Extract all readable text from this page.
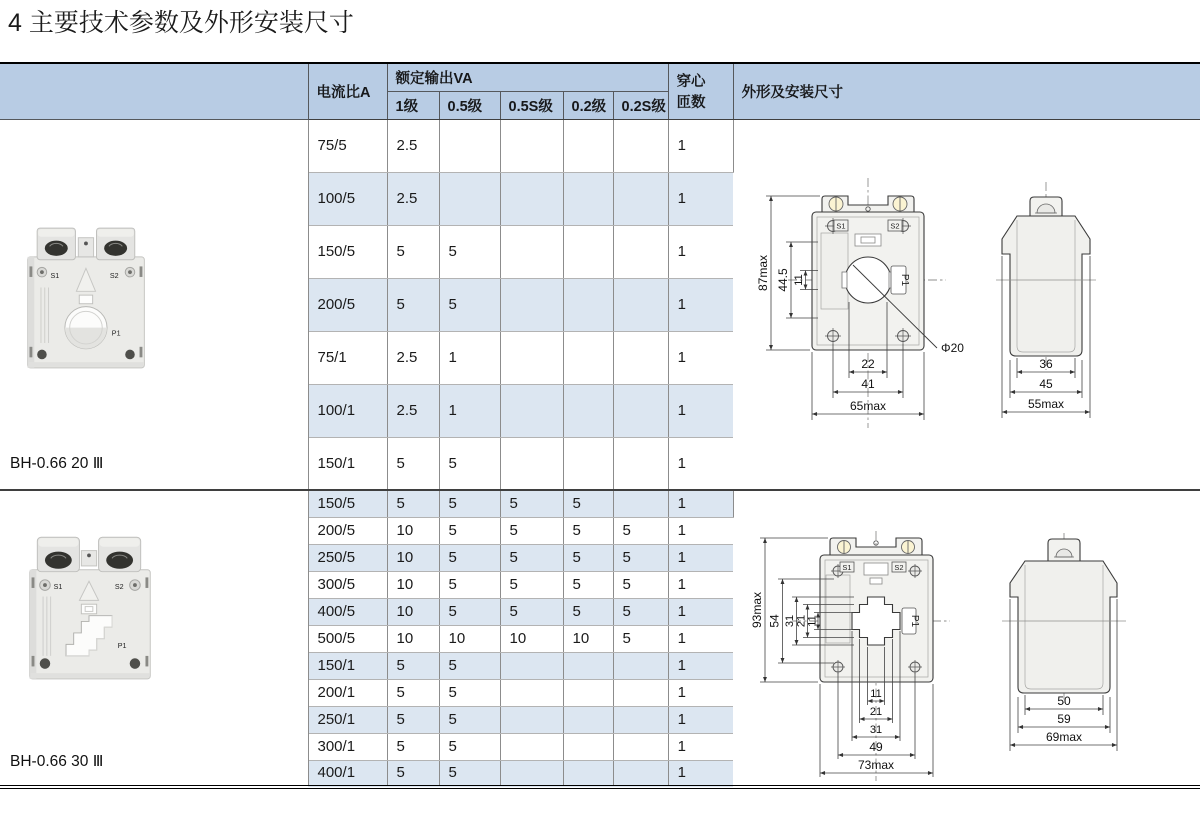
4 主要技术参数及外形安装尺寸
	电流比A	额定输出VA					穿心
匝数	外形及安装尺寸
		1级	0.5级	0.5S级	0.2级	0.2S级		

S1	S2
P1
BH-0.66 20 Ⅲ
	75/5	2.5					1	
P1
S1	S2
Φ20
87max 44.5 11
22
41
65max
36
45
55max

	100/5	2.5					1	
	150/5	5	5				1	
	200/5	5	5				1	
	75/1	2.5	1				1	
	100/1	2.5	1				1	
	150/1	5	5				1	

S1	S2
P1
BH-0.66 30 Ⅲ
	150/5	5	5	5	5		1	
P1
S1	S2
93max 54 31 21 11
11
21
31
49
73max
50
59
69max

	200/5	10	5	5	5	5	1	
	250/5	10	5	5	5	5	1	
	300/5	10	5	5	5	5	1	
	400/5	10	5	5	5	5	1	
	500/5	10	10	10	10	5	1	
	150/1	5	5				1	
	200/1	5	5				1	
	250/1	5	5				1	
	300/1	5	5				1	
	400/1	5	5				1	
